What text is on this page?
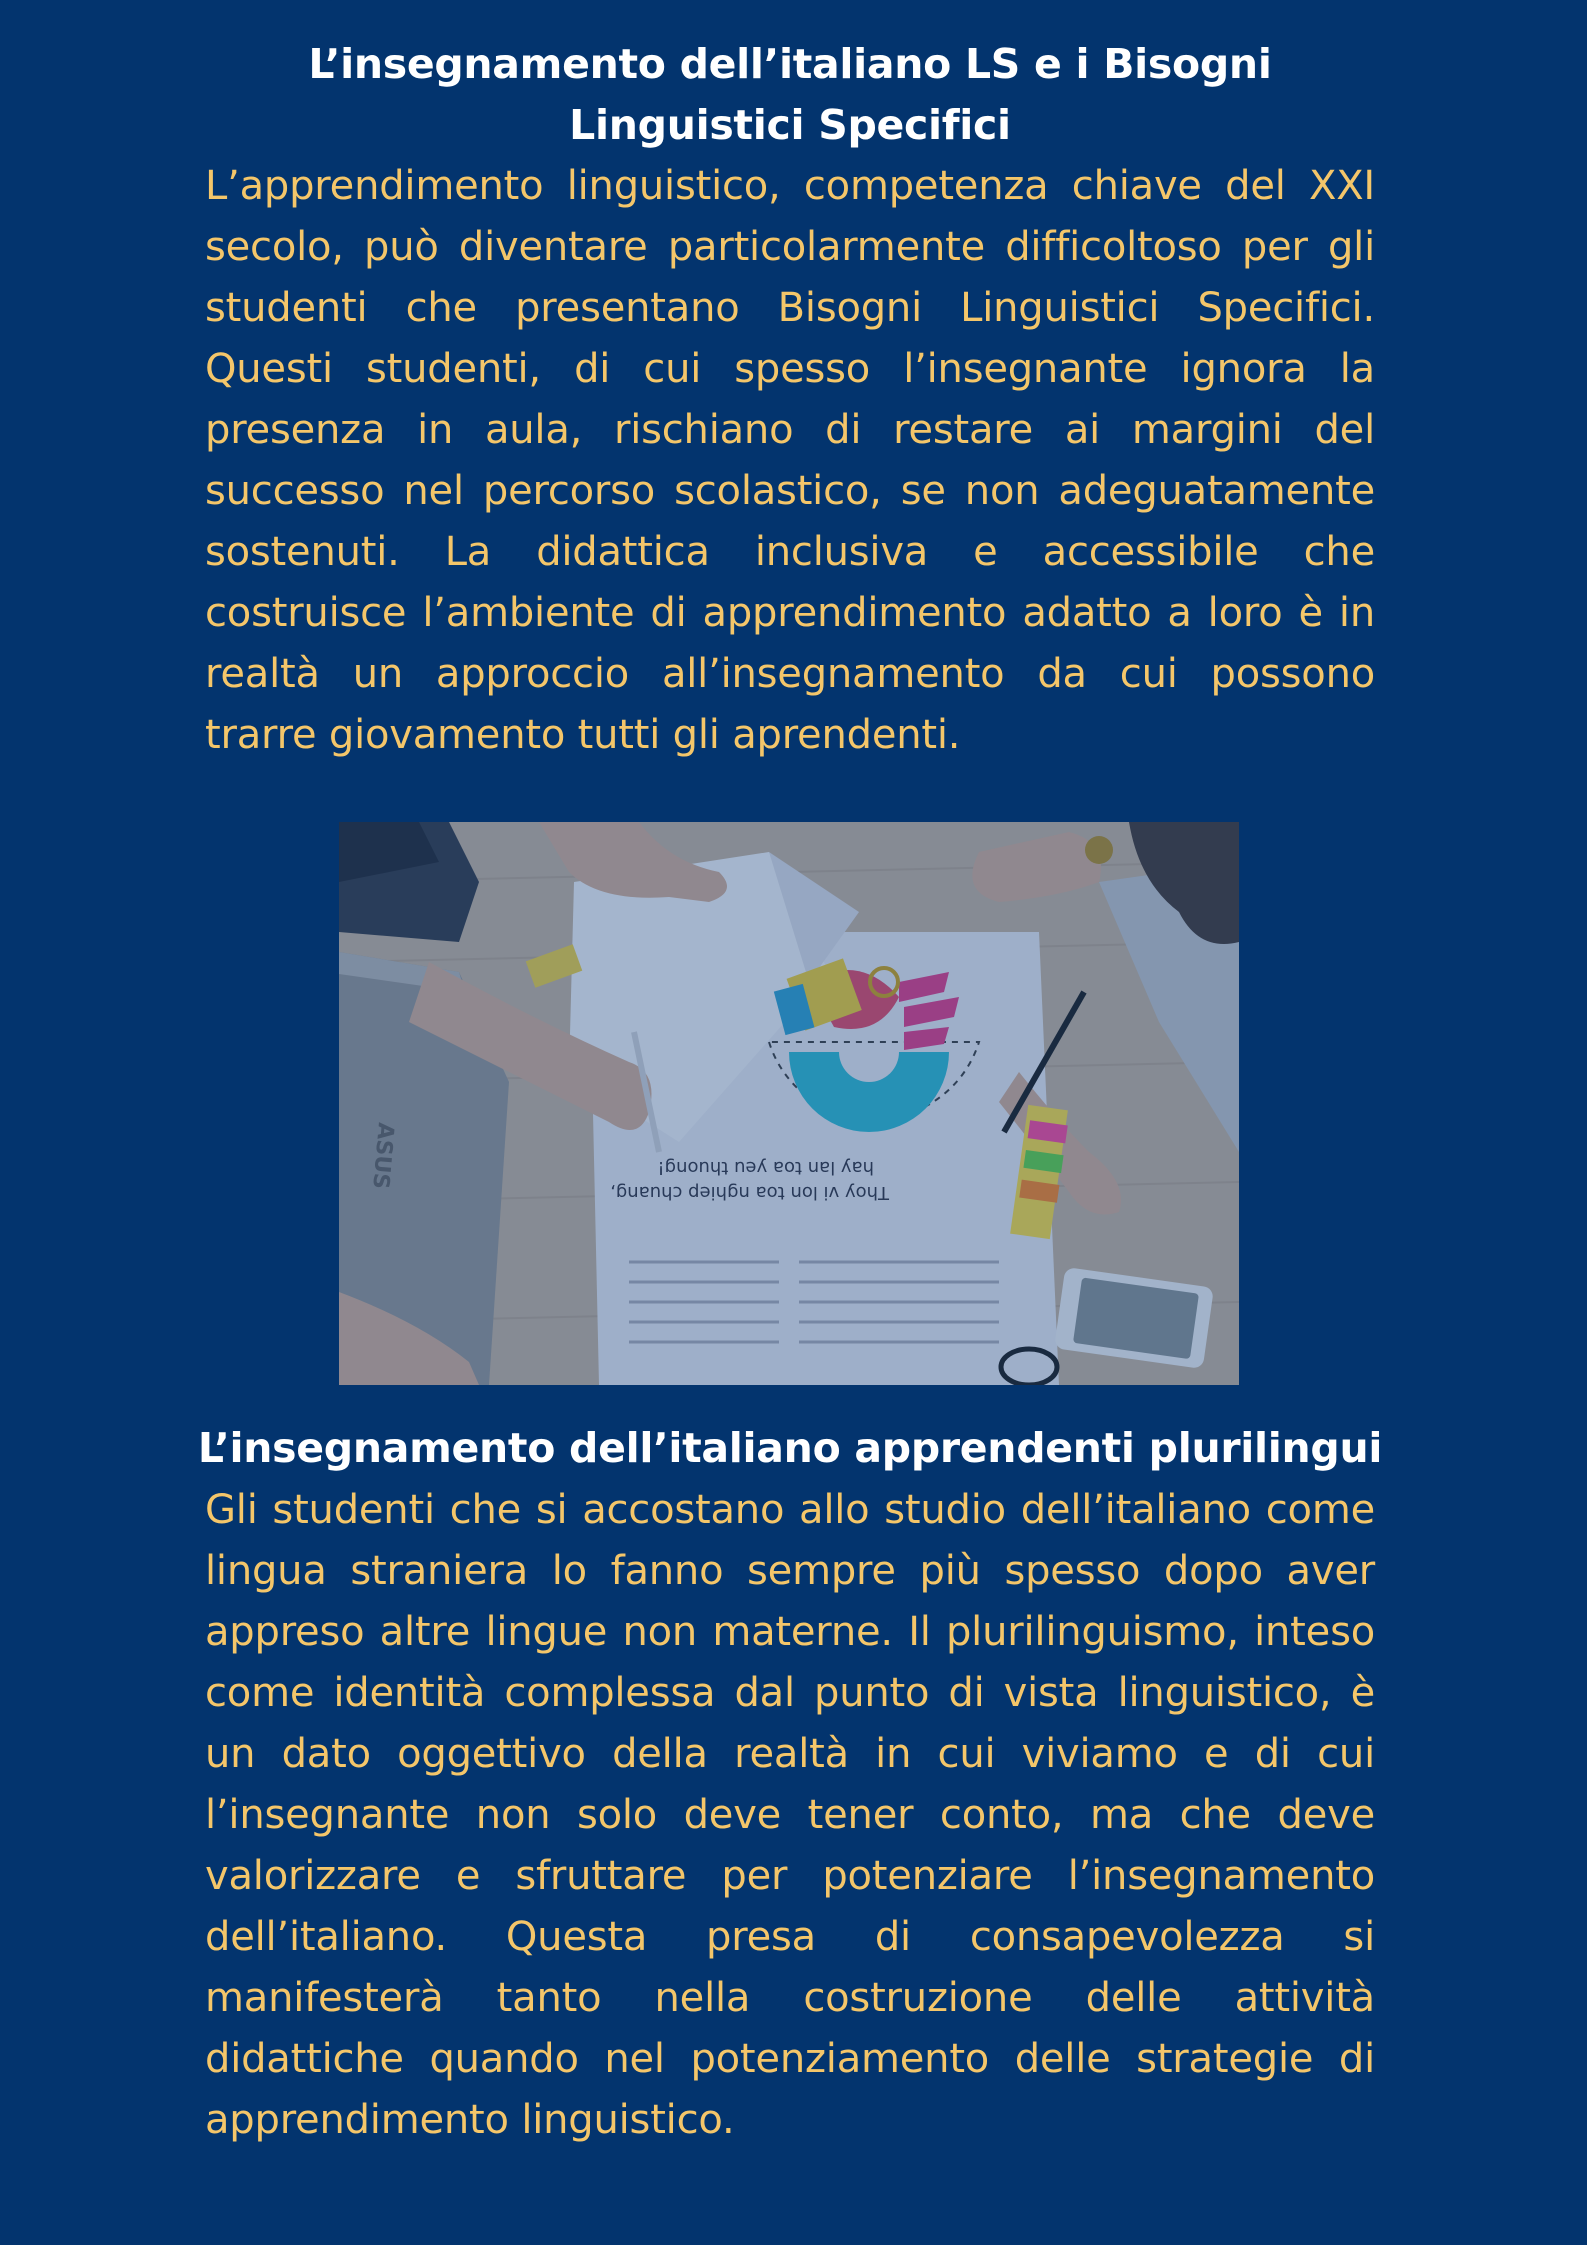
L’insegnamento dell’italiano LS e i Bisogni Linguistici Specifici

L’apprendimento linguistico, competenza chiave del XXI secolo, può diventare particolarmente difficoltoso per gli studenti che presentano Bisogni Linguistici Specifici. Questi studenti, di cui spesso l’insegnante ignora la presenza in aula, rischiano di restare ai margini del successo nel percorso scolastico, se non adeguatamente sostenuti. La didattica inclusiva e accessibile che costruisce l’ambiente di apprendimento adatto a loro è in realtà un approccio all’insegnamento da cui possono trarre giovamento tutti gli aprendenti.

L’insegnamento dell’italiano apprendenti plurilingui

Gli studenti che si accostano allo studio dell’italiano come lingua straniera lo fanno sempre più spesso dopo aver appreso altre lingue non materne. Il plurilinguismo, inteso come identità complessa dal punto di vista linguistico, è un dato oggettivo della realtà in cui viviamo e di cui l’insegnante non solo deve tener conto, ma che deve valorizzare e sfruttare per potenziare l’insegnamento dell’italiano. Questa presa di consapevolezza si manifesterà tanto nella costruzione delle attività didattiche quando nel potenziamento delle strategie di apprendimento linguistico.

ASUS
Thoy vi lon toa nghiep chuang,
hay lan toa yeu thuong!
